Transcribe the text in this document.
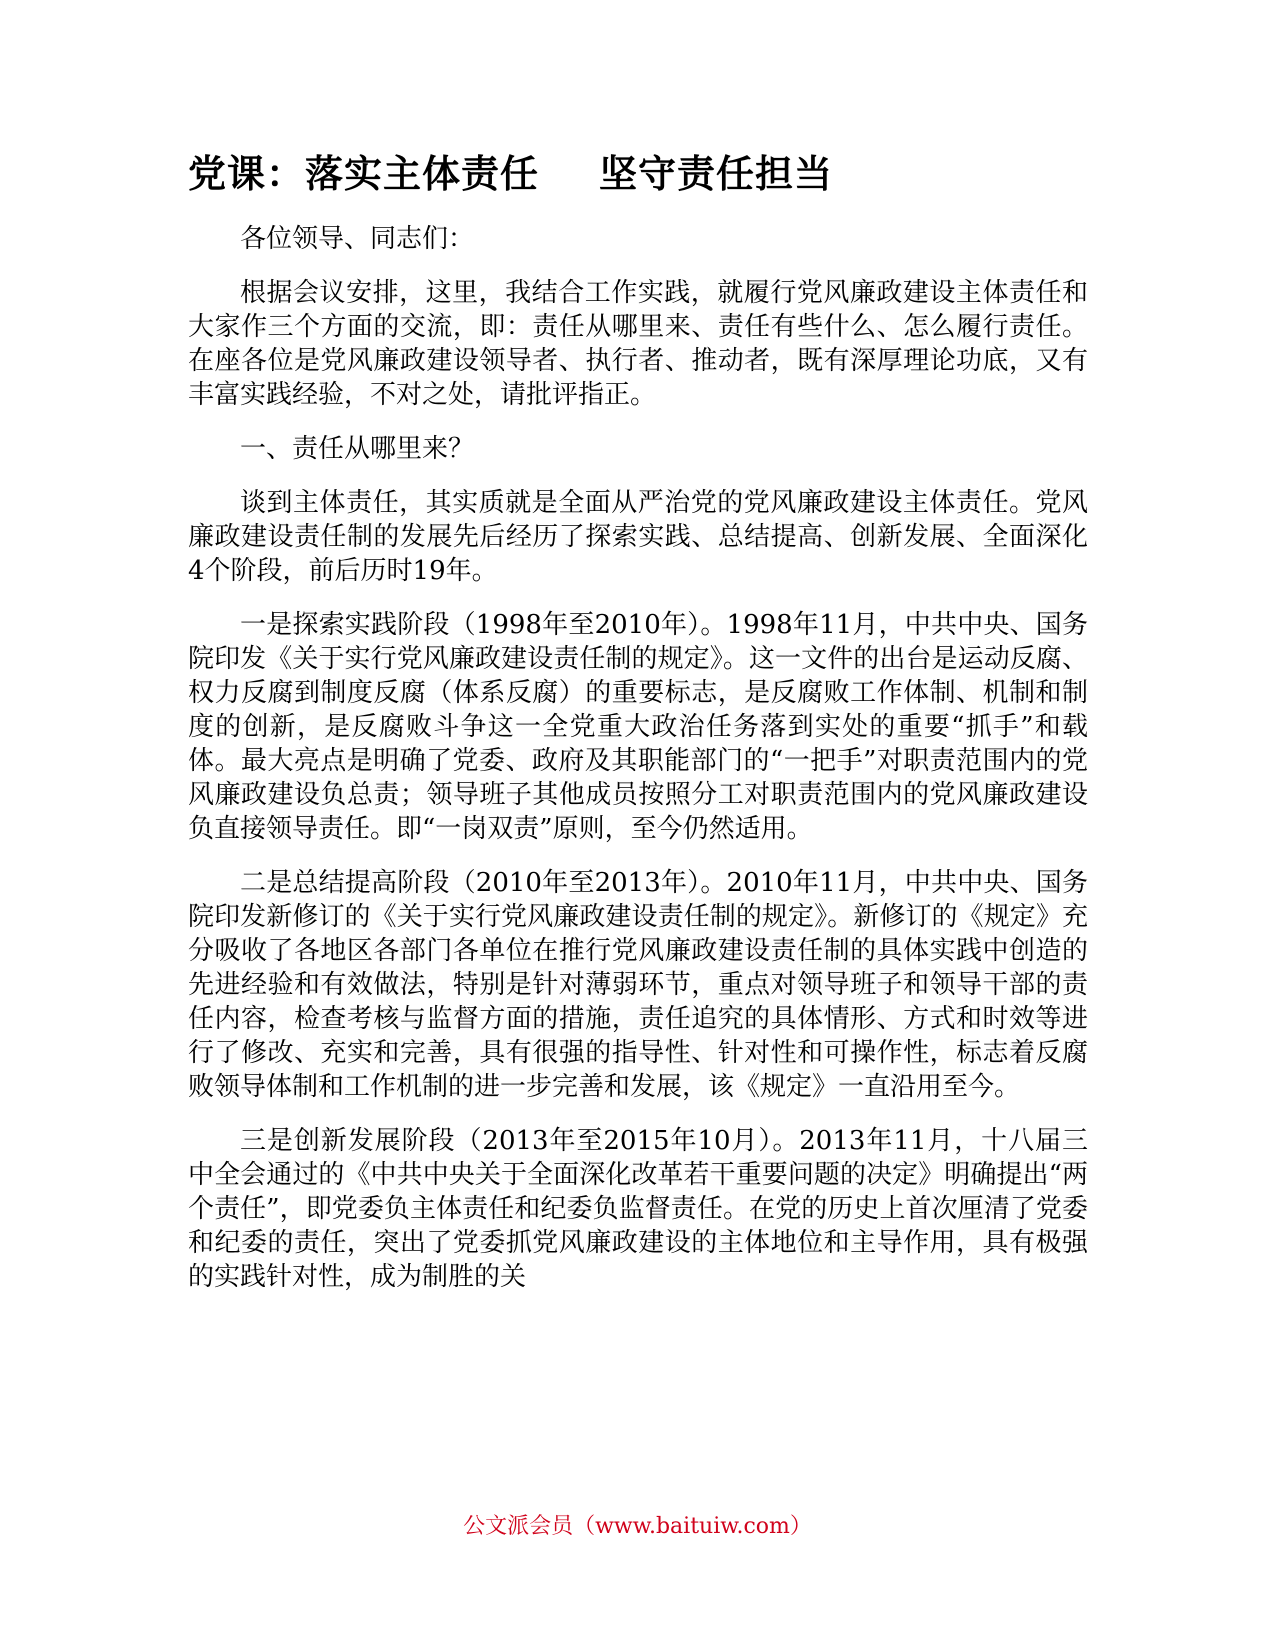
党课：落实主体责任 坚守责任担当

各位领导、同志们：

根据会议安排，这里，我结合工作实践，就履行党风廉政建设主体责任和大家作三个方面的交流，即：责任从哪里来、责任有些什么、怎么履行责任。在座各位是党风廉政建设领导者、执行者、推动者，既有深厚理论功底，又有丰富实践经验，不对之处，请批评指正。

一、责任从哪里来？

谈到主体责任，其实质就是全面从严治党的党风廉政建设主体责任。党风廉政建设责任制的发展先后经历了探索实践、总结提高、创新发展、全面深化4个阶段，前后历时19年。

一是探索实践阶段（1998年至2010年）。1998年11月，中共中央、国务院印发《关于实行党风廉政建设责任制的规定》。这一文件的出台是运动反腐、权力反腐到制度反腐（体系反腐）的重要标志，是反腐败工作体制、机制和制度的创新，是反腐败斗争这一全党重大政治任务落到实处的重要“抓手”和载体。最大亮点是明确了党委、政府及其职能部门的“一把手”对职责范围内的党风廉政建设负总责；领导班子其他成员按照分工对职责范围内的党风廉政建设负直接领导责任。即“一岗双责”原则，至今仍然适用。

二是总结提高阶段（2010年至2013年）。2010年11月，中共中央、国务院印发新修订的《关于实行党风廉政建设责任制的规定》。新修订的《规定》充分吸收了各地区各部门各单位在推行党风廉政建设责任制的具体实践中创造的先进经验和有效做法，特别是针对薄弱环节，重点对领导班子和领导干部的责任内容，检查考核与监督方面的措施，责任追究的具体情形、方式和时效等进行了修改、充实和完善，具有很强的指导性、针对性和可操作性，标志着反腐败领导体制和工作机制的进一步完善和发展，该《规定》一直沿用至今。

三是创新发展阶段（2013年至2015年10月）。2013年11月，十八届三中全会通过的《中共中央关于全面深化改革若干重要问题的决定》明确提出“两个责任”，即党委负主体责任和纪委负监督责任。在党的历史上首次厘清了党委和纪委的责任，突出了党委抓党风廉政建设的主体地位和主导作用，具有极强的实践针对性，成为制胜的关

公文派会员（www.baituiw.com）
